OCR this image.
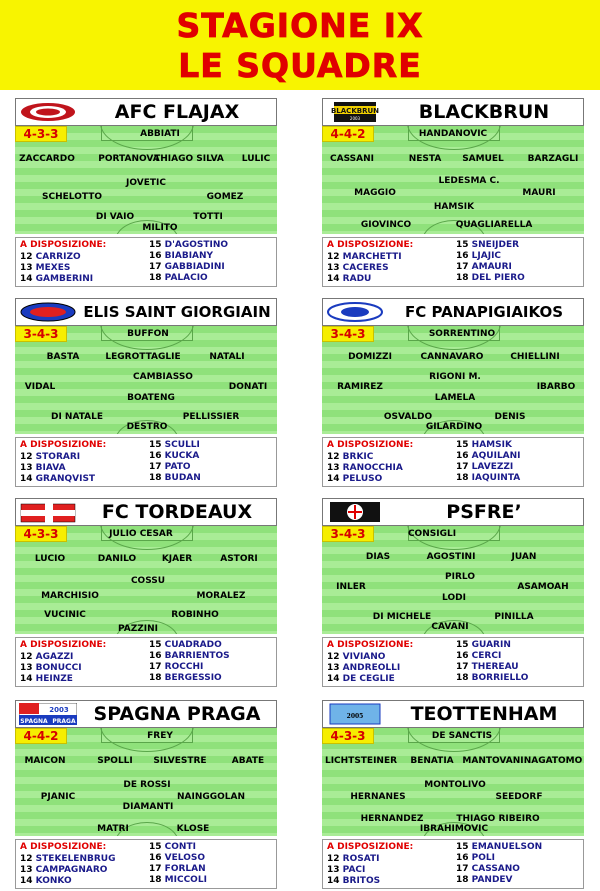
STAGIONE IX
LE SQUADRE
AFC FLAJAX
4-3-3	ABBIATI
ZACCARDO	PORTANOVA
THIAGO SILVA LULIC
JOVETIC
SCHELOTTO	GOMEZ
DI VAIO	TOTTI
MILITO
A DISPOSIZIONE:
12 CARRIZO
13 MEXES
14 GAMBERINI
15 D'AGOSTINO
16 BIABIANY
17 GABBIADINI
18 PALACIO
BLACKBRUN
2003	BLACKBRUN
4-4-2	HANDANOVIC
CASSANI	NESTA SAMUEL	BARZAGLI
LEDESMA C.
MAGGIO	MAURI
HAMSIK
GIOVINCO	QUAGLIARELLA
A DISPOSIZIONE:
12 MARCHETTI
13 CACERES
14 RADU
15 SNEIJDER
16 LJAJIC
17 AMAURI
18 DEL PIERO
ELIS SAINT GIORGIAIN
3-4-3	BUFFON
BASTA	LEGROTTAGLIE	NATALI
CAMBIASSO
VIDAL	DONATI
BOATENG
DI NATALE	PELLISSIER
DESTRO
A DISPOSIZIONE:
12 STORARI
13 BIAVA
14 GRANQVIST
15 SCULLI
16 KUCKA
17 PATO
18 BUDAN
FC PANAPIGIAIKOS
3-4-3	SORRENTINO
DOMIZZI	CANNAVARO	CHIELLINI
RIGONI M.
RAMIREZ	IBARBO
LAMELA
OSVALDO	DENIS
GILARDINO
A DISPOSIZIONE:
12 BRKIC
13 RANOCCHIA
14 PELUSO
15 HAMSIK
16 AQUILANI
17 LAVEZZI
18 IAQUINTA
FC TORDEAUX
4-3-3	JULIO CESAR
LUCIO	DANILO	KJAER	ASTORI
COSSU
MARCHISIO	MORALEZ
VUCINIC	ROBINHO
PAZZINI
A DISPOSIZIONE:
12 AGAZZI
13 BONUCCI
14 HEINZE
15 CUADRADO
16 BARRIENTOS
17 ROCCHI
18 BERGESSIO
PSFRE’
3-4-3	CONSIGLI
DIAS	AGOSTINI	JUAN
PIRLO
INLER	ASAMOAH
LODI
DI MICHELE	PINILLA
CAVANI
A DISPOSIZIONE:
12 VIVIANO
13 ANDREOLLI
14 DE CEGLIE
15 GUARIN
16 CERCI
17 THEREAU
18 BORRIELLO
2003
SPAGNA PRAGA SPAGNA PRAGA
4-4-2	FREY
MAICON	SPOLLI SILVESTRE	ABATE
DE ROSSI
PJANIC	NAINGGOLAN
DIAMANTI
MATRI	KLOSE
A DISPOSIZIONE:
12 STEKELENBRUG
13 CAMPAGNARO
14 KONKO
15 CONTI
16 VELOSO
17 FORLAN
18 MICCOLI
2005	TEOTTENHAM
4-3-3	DE SANCTIS
LICHTSTEINER BENATIA MANTOVANI NAGATOMO
MONTOLIVO
HERNANES	SEEDORF
HERNANDEZ	THIAGO RIBEIRO
IBRAHIMOVIC
A DISPOSIZIONE:
12 ROSATI
13 PACI
14 BRITOS
15 EMANUELSON
16 POLI
17 CASSANO
18 PANDEV
